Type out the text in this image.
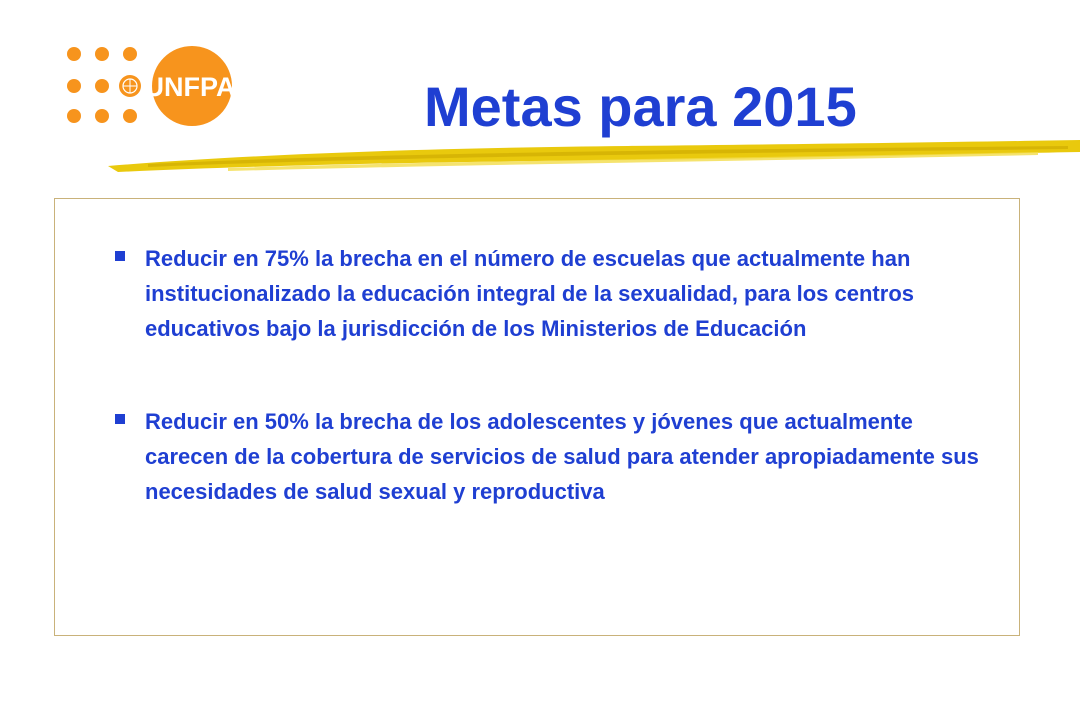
UNFPA	Metas para 2015
Reducir en 75% la brecha en el número de escuelas que actualmente han institucionalizado la educación integral de la sexualidad, para los centros educativos bajo la jurisdicción de los Ministerios de Educación
Reducir en 50% la brecha de los adolescentes y jóvenes que actualmente carecen de la cobertura de servicios de salud para atender apropiadamente sus necesidades de salud sexual y reproductiva
